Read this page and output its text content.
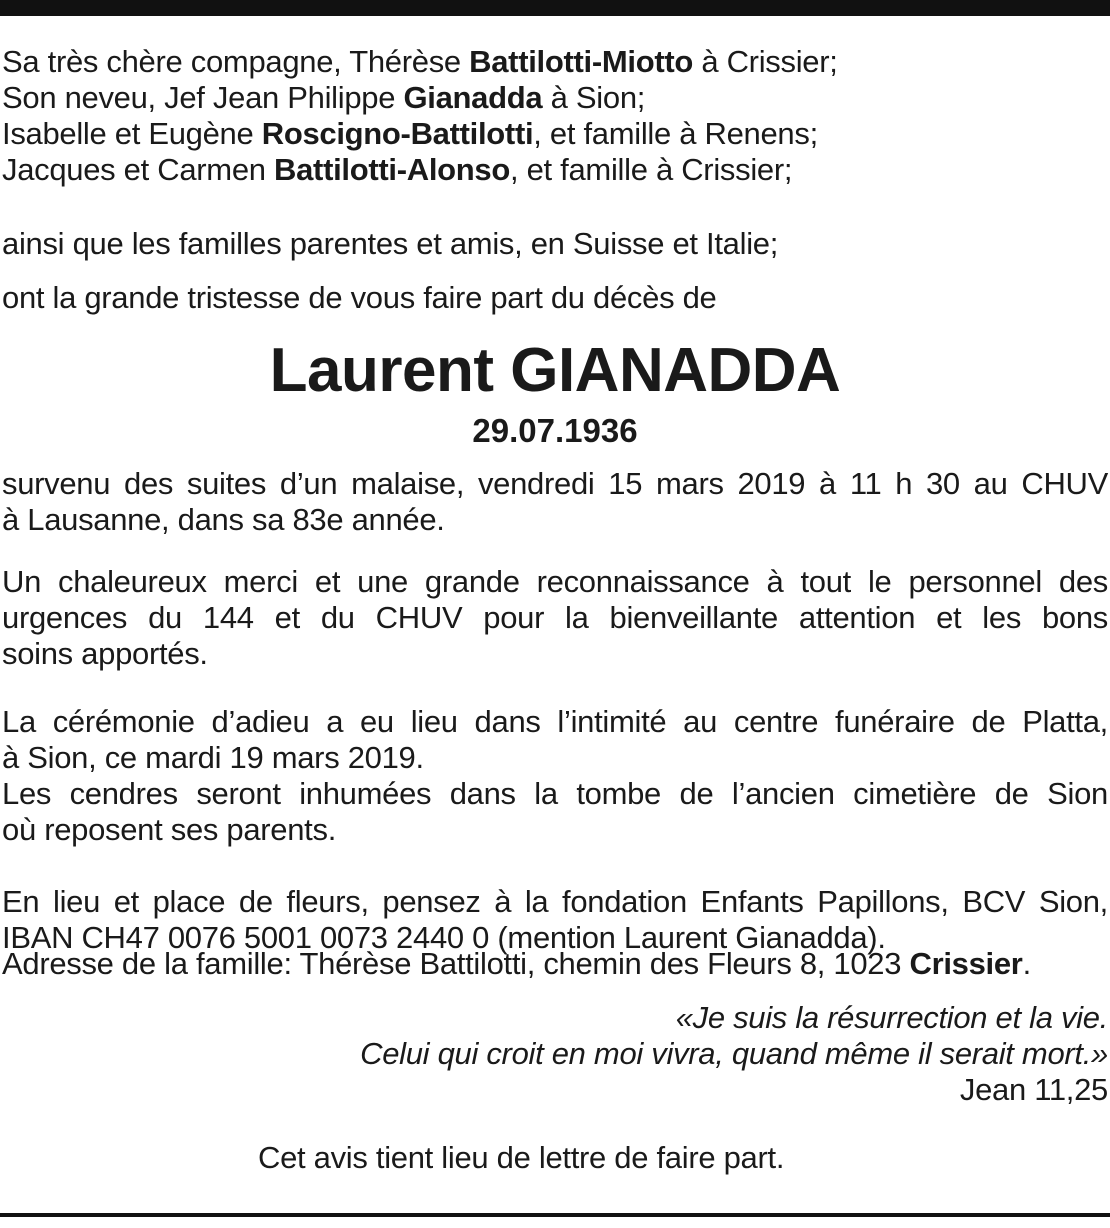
Sa très chère compagne, Thérèse Battilotti-Miotto à Crissier;
Son neveu, Jef Jean Philippe Gianadda à Sion;
Isabelle et Eugène Roscigno-Battilotti, et famille à Renens;
Jacques et Carmen Battilotti-Alonso, et famille à Crissier;
ainsi que les familles parentes et amis, en Suisse et Italie;
ont la grande tristesse de vous faire part du décès de
Laurent GIANADDA
29.07.1936
survenu des suites d’un malaise, vendredi 15 mars 2019 à 11 h 30 au CHUV
à Lausanne, dans sa 83e année.
Un chaleureux merci et une grande reconnaissance à tout le personnel des
urgences du 144 et du CHUV pour la bienveillante attention et les bons
soins apportés.
La cérémonie d’adieu a eu lieu dans l’intimité au centre funéraire de Platta,
à Sion, ce mardi 19 mars 2019.
Les cendres seront inhumées dans la tombe de l’ancien cimetière de Sion
où reposent ses parents.
En lieu et place de fleurs, pensez à la fondation Enfants Papillons, BCV Sion,
IBAN CH47 0076 5001 0073 2440 0 (mention Laurent Gianadda).
Adresse de la famille: Thérèse Battilotti, chemin des Fleurs 8, 1023 Crissier.
«Je suis la résurrection et la vie.
Celui qui croit en moi vivra, quand même il serait mort.»
Jean 11,25
Cet avis tient lieu de lettre de faire part.
